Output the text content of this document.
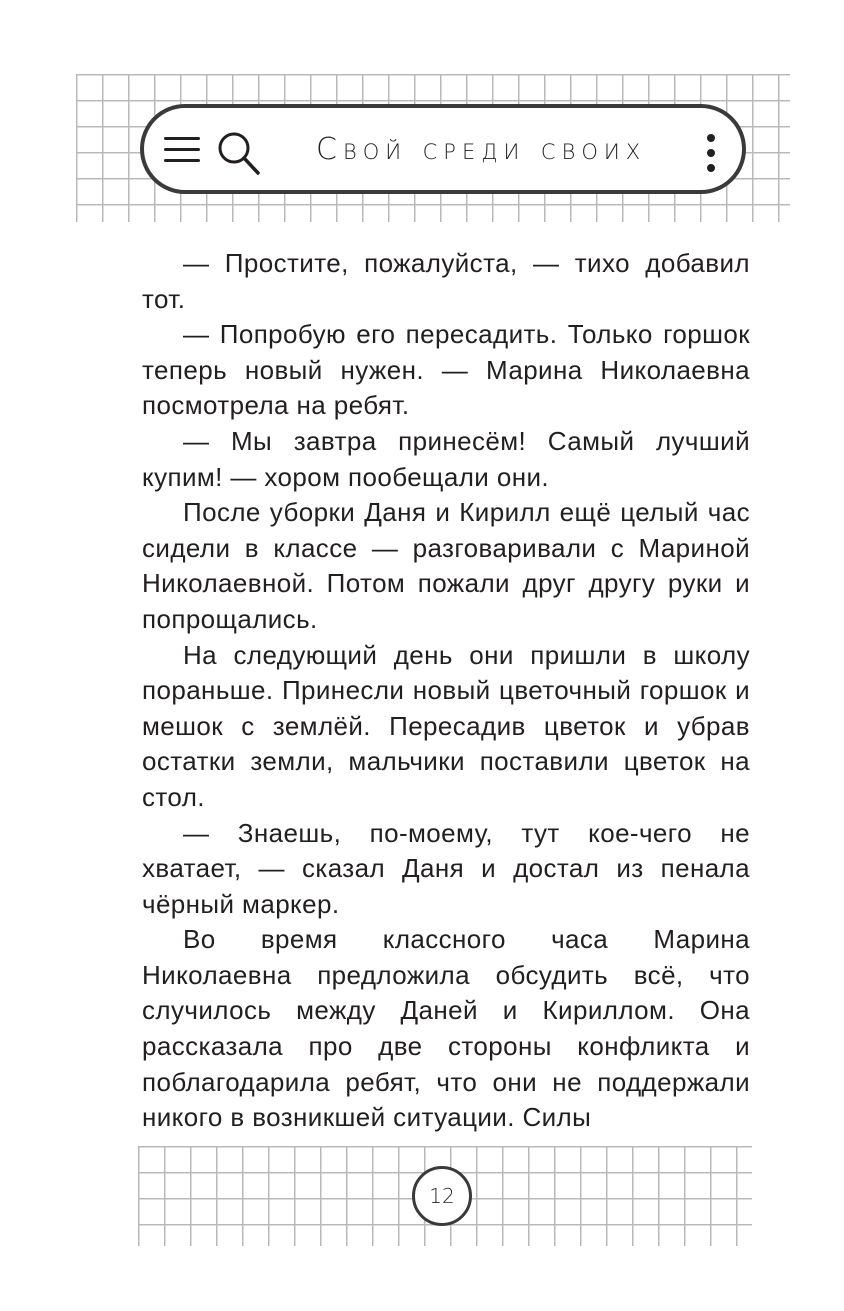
Свой среди своих

— Простите, пожалуйста, — тихо добавил тот.

— Попробую его пересадить. Только горшок теперь новый нужен. — Марина Николаевна посмотрела на ребят.

— Мы завтра принесём! Самый лучший купим! — хором пообещали они.

После уборки Даня и Кирилл ещё целый час сидели в классе — разговаривали с Мариной Николаевной. Потом пожали друг другу руки и попрощались.

На следующий день они пришли в школу пораньше. Принесли новый цветочный горшок и мешок с землёй. Пересадив цветок и убрав остатки земли, мальчики поставили цветок на стол.

— Знаешь, по-моему, тут кое-чего не хватает, — сказал Даня и достал из пенала чёрный маркер.

Во время классного часа Марина Николаевна предложила обсудить всё, что случилось между Даней и Кириллом. Она рассказала про две стороны конфликта и поблагодарила ребят, что они не поддержали никого в возникшей ситуации. Силы

12
